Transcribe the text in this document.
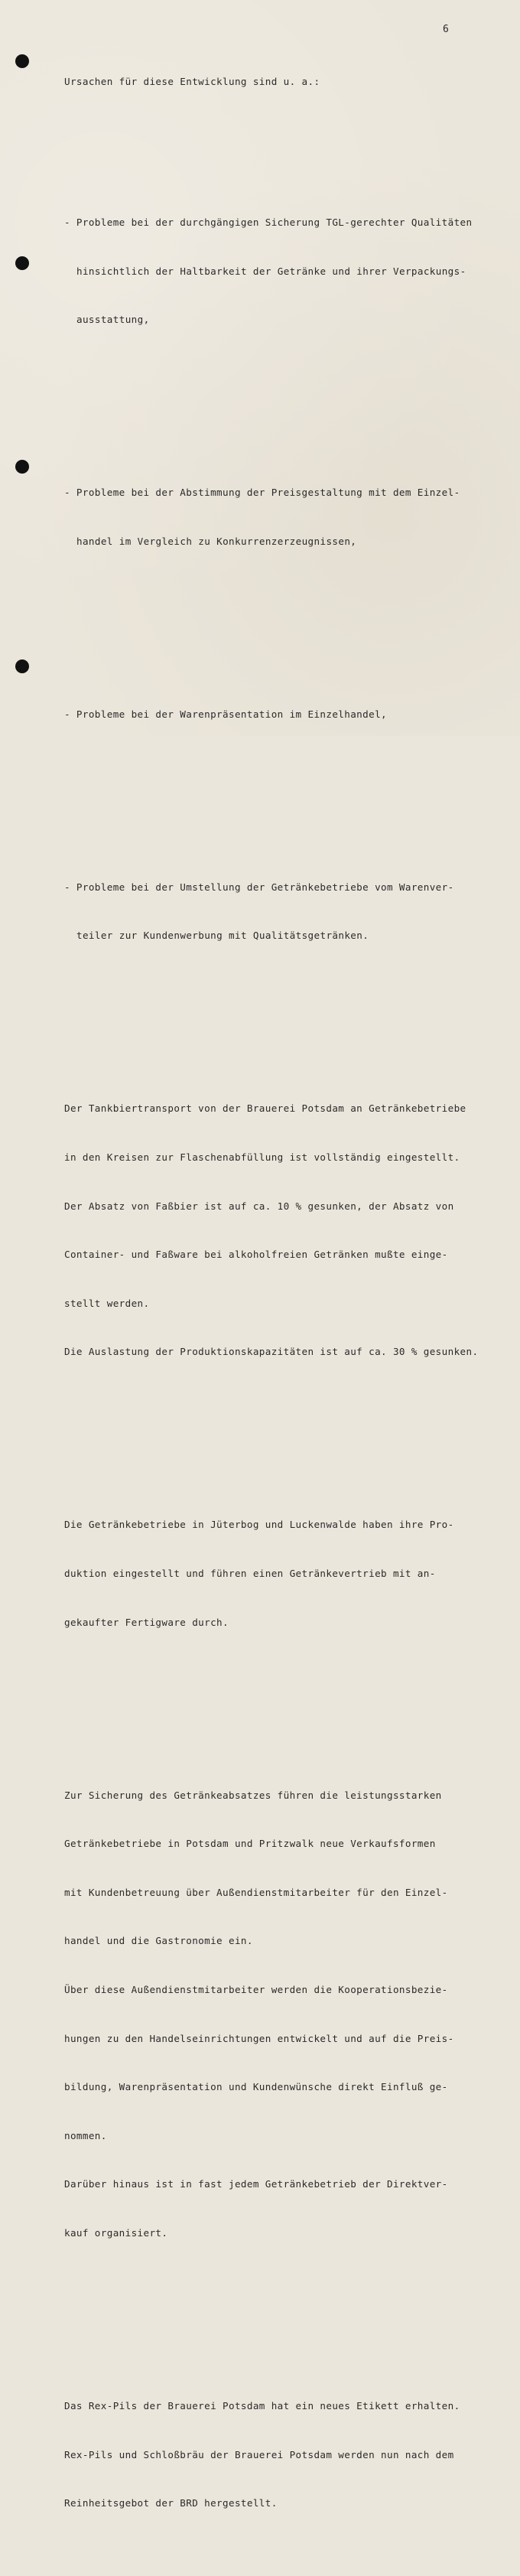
6

Ursachen für diese Entwicklung sind u. a.:

- Probleme bei der durchgängigen Sicherung TGL-gerechter Qualitäten

hinsichtlich der Haltbarkeit der Getränke und ihrer Verpackungs-

ausstattung,

- Probleme bei der Abstimmung der Preisgestaltung mit dem Einzel-

handel im Vergleich zu Konkurrenzerzeugnissen,

- Probleme bei der Warenpräsentation im Einzelhandel,

- Probleme bei der Umstellung der Getränkebetriebe vom Warenver-

teiler zur Kundenwerbung mit Qualitätsgetränken.

Der Tankbiertransport von der Brauerei Potsdam an Getränkebetriebe

in den Kreisen zur Flaschenabfüllung ist vollständig eingestellt.

Der Absatz von Faßbier ist auf ca. 10 % gesunken, der Absatz von

Container- und Faßware bei alkoholfreien Getränken mußte einge-

stellt werden.

Die Auslastung der Produktionskapazitäten ist auf ca. 30 % gesunken.

Die Getränkebetriebe in Jüterbog und Luckenwalde haben ihre Pro-

duktion eingestellt und führen einen Getränkevertrieb mit an-

gekaufter Fertigware durch.

Zur Sicherung des Getränkeabsatzes führen die leistungsstarken

Getränkebetriebe in Potsdam und Pritzwalk neue Verkaufsformen

mit Kundenbetreuung über Außendienstmitarbeiter für den Einzel-

handel und die Gastronomie ein.

Über diese Außendienstmitarbeiter werden die Kooperationsbezie-

hungen zu den Handelseinrichtungen entwickelt und auf die Preis-

bildung, Warenpräsentation und Kundenwünsche direkt Einfluß ge-

nommen.

Darüber hinaus ist in fast jedem Getränkebetrieb der Direktver-

kauf organisiert.

Das Rex-Pils der Brauerei Potsdam hat ein neues Etikett erhalten.

Rex-Pils und Schloßbräu der Brauerei Potsdam werden nun nach dem

Reinheitsgebot der BRD hergestellt.
